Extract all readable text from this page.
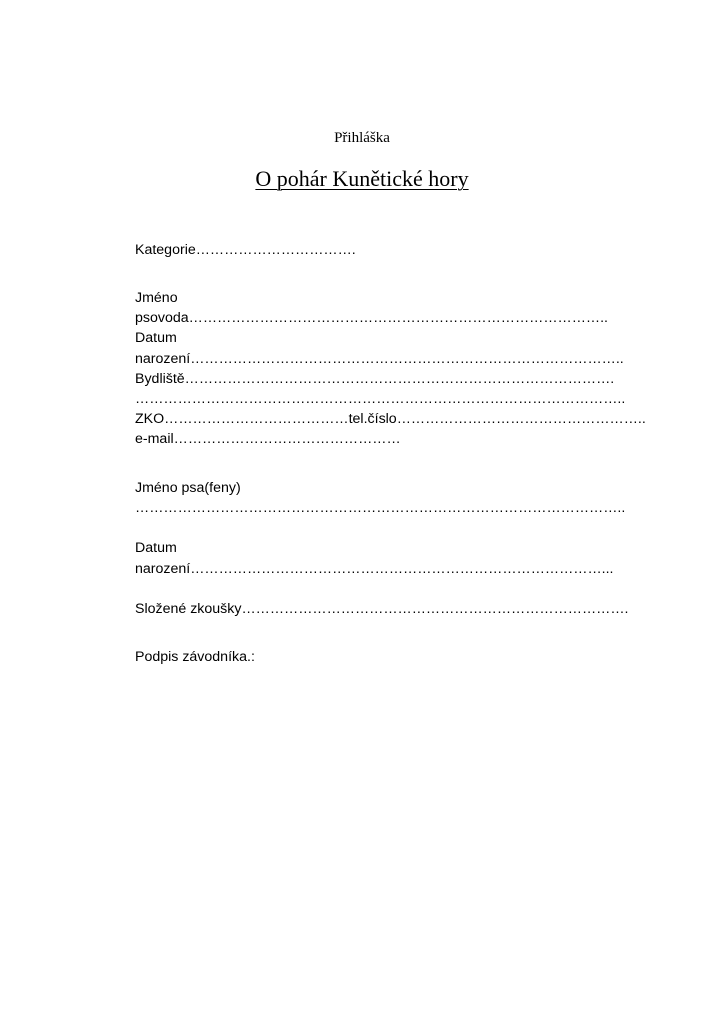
Přihláška
O pohár Kunětické hory
Kategorie…………………………….
Jméno
psovoda……………………………………………………………………………..
Datum
narození………………………………………………………………………………..
Bydliště……………………………………………………………………………….
…………………………………………………………………………………………..
ZKO…………………………………tel.číslo……………………………………………..
e-mail…………………………………………
Jméno psa(feny)
…………………………………………………………………………………………..
Datum
narození……………………………………………………………………………...
Složené zkoušky……………………………………………………………………….
Podpis závodníka.:
